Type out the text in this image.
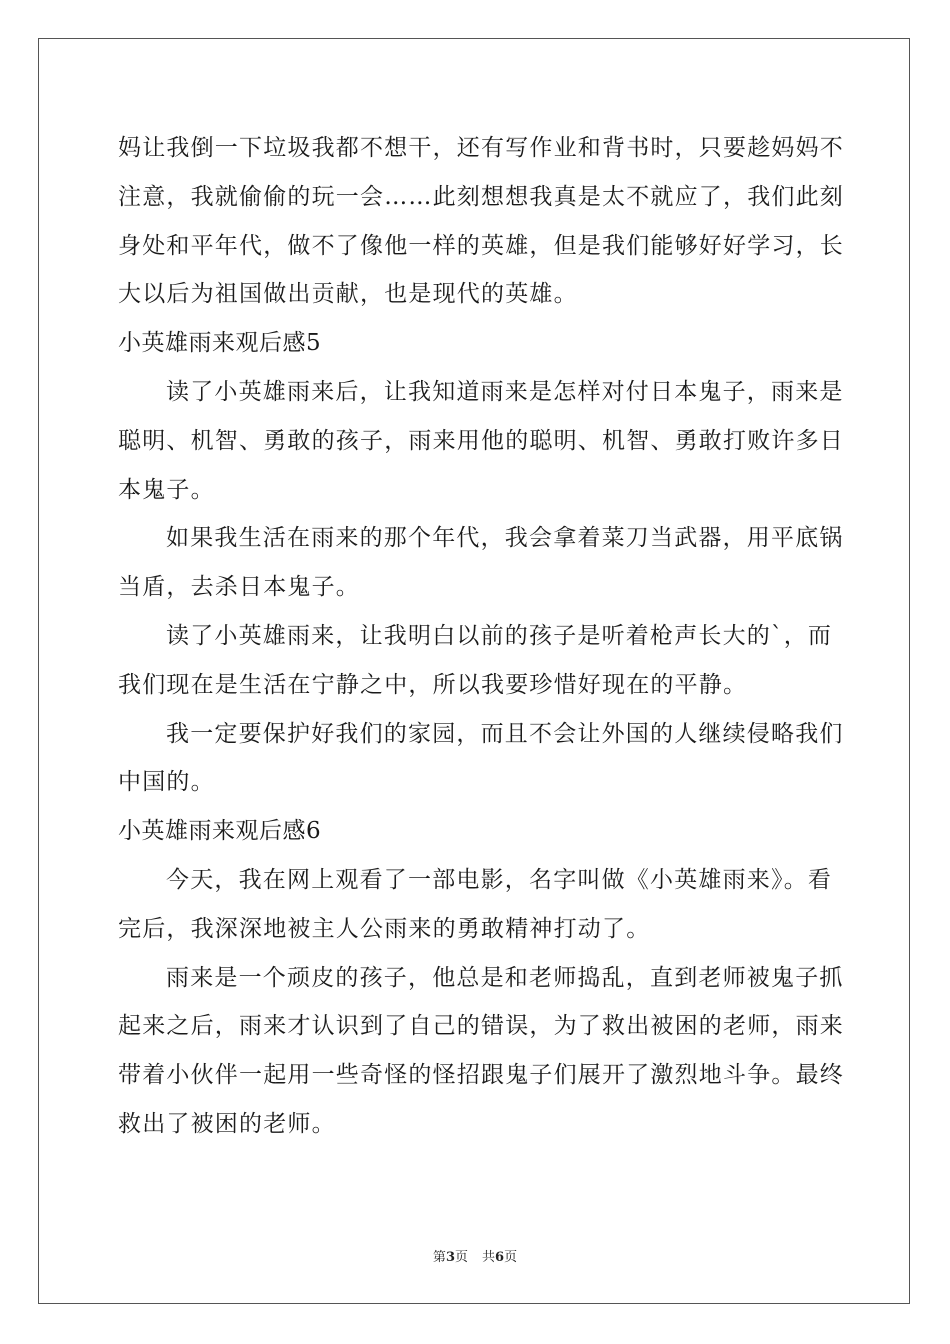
妈让我倒一下垃圾我都不想干，还有写作业和背书时，只要趁妈妈不
注意，我就偷偷的玩一会……此刻想想我真是太不就应了，我们此刻
身处和平年代，做不了像他一样的英雄，但是我们能够好好学习，长
大以后为祖国做出贡献，也是现代的英雄。
小英雄雨来观后感5
读了小英雄雨来后，让我知道雨来是怎样对付日本鬼子，雨来是
聪明、机智、勇敢的孩子，雨来用他的聪明、机智、勇敢打败许多日
本鬼子。
如果我生活在雨来的那个年代，我会拿着菜刀当武器，用平底锅
当盾，去杀日本鬼子。
读了小英雄雨来，让我明白以前的孩子是听着枪声长大的`，而
我们现在是生活在宁静之中，所以我要珍惜好现在的平静。
我一定要保护好我们的家园，而且不会让外国的人继续侵略我们
中国的。
小英雄雨来观后感6
今天，我在网上观看了一部电影，名字叫做《小英雄雨来》。看
完后，我深深地被主人公雨来的勇敢精神打动了。
雨来是一个顽皮的孩子，他总是和老师捣乱，直到老师被鬼子抓
起来之后，雨来才认识到了自己的错误，为了救出被困的老师，雨来
带着小伙伴一起用一些奇怪的怪招跟鬼子们展开了激烈地斗争。最终
救出了被困的老师。
第3页 共6页
